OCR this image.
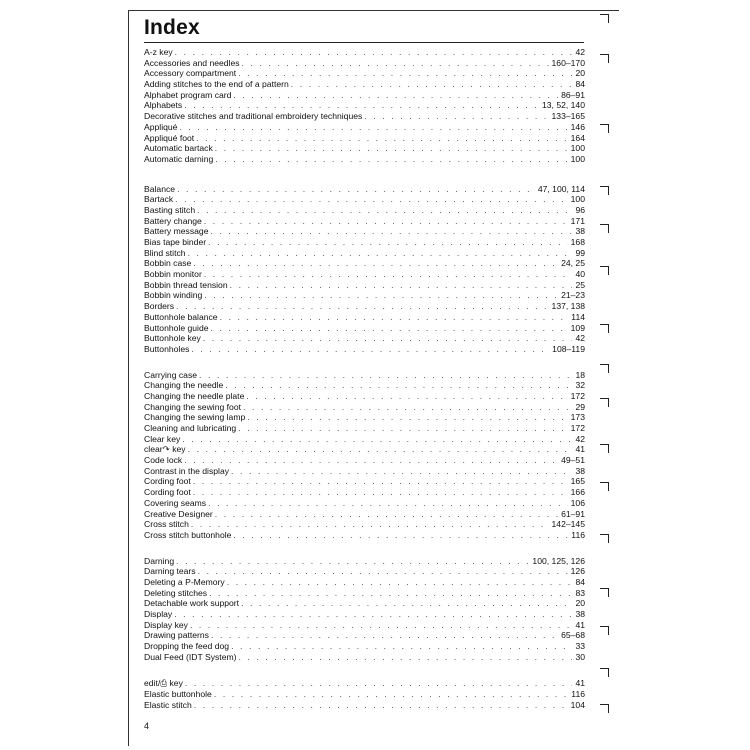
Index
A-z key . . .	42
Accessories and needles . . .	160–170
Accessory compartment . . .	20
Adding stitches to the end of a pattern . . .	84
Alphabet program card . . .	86–91
Alphabets . . .	13, 52, 140
Decorative stitches and traditional embroidery techniques . . .	133–165
Appliqué . . .	146
Appliqué foot . . .	164
Automatic bartack . . .	100
Automatic darning . . .	100
Balance . . .	47, 100, 114
Bartack . . .	100
Basting stitch . . .	96
Battery change . . .	171
Battery message . . .	38
Bias tape binder . . .	168
Blind stitch . . .	99
Bobbin case . . .	24, 25
Bobbin monitor . . .	40
Bobbin thread tension . . .	25
Bobbin winding . . .	21–23
Borders . . .	137, 138
Buttonhole balance . . .	114
Buttonhole guide . . .	109
Buttonhole key . . .	42
Buttonholes . . .	108–119
Carrying case . . .	18
Changing the needle . . .	32
Changing the needle plate . . .	172
Changing the sewing foot . . .	29
Changing the sewing lamp . . .	173
Cleaning and lubricating . . .	172
Clear key . . .	42
clear↷ key . . .	41
Code lock . . .	49–51
Contrast in the display . . .	38
Cording foot . . .	165
Cording foot . . .	166
Covering seams . . .	106
Creative Designer . . .	61–91
Cross stitch . . .	142–145
Cross stitch buttonhole . . .	116
Darning . . .	100, 125, 126
Darning tears . . .	126
Deleting a P-Memory . . .	84
Deleting stitches . . .	83
Detachable work support . . .	20
Display . . .	38
Display key . . .	41
Drawing patterns . . .	65–68
Dropping the feed dog . . .	33
Dual Feed (IDT System) . . .	30
edit/⎙ key . . .	41
Elastic buttonhole . . .	116
Elastic stitch . . .	104
4
